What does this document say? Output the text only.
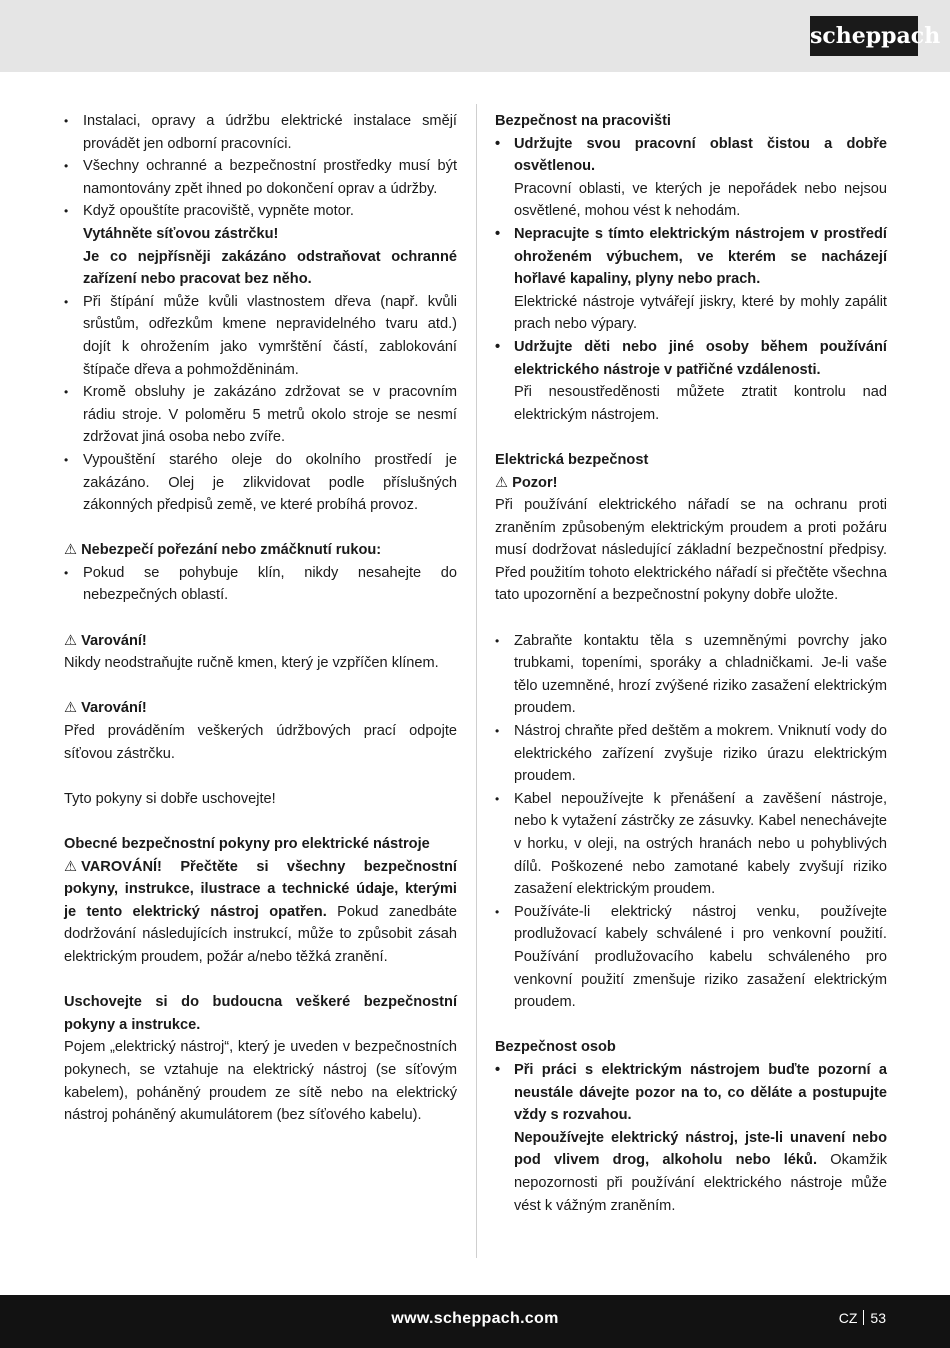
scheppach
• Instalaci, opravy a údržbu elektrické instalace smějí provádět jen odborní pracovníci.
• Všechny ochranné a bezpečnostní prostředky musí být namontovány zpět ihned po dokončení oprav a údržby.
• Když opouštíte pracoviště, vypněte motor.

Vytáhněte síťovou zástrčku!

Je co nejpřísněji zakázáno odstraňovat ochranné zařízení nebo pracovat bez něho.

• Při štípání může kvůli vlastnostem dřeva (např. kvůli srůstům, odřezkům kmene nepravidelného tvaru atd.) dojít k ohrožením jako vymrštění částí, zablokování štípače dřeva a pohmožděninám.
• Kromě obsluhy je zakázáno zdržovat se v pracovním rádiu stroje. V poloměru 5 metrů okolo stroje se nesmí zdržovat jiná osoba nebo zvíře.
• Vypouštění starého oleje do okolního prostředí je zakázáno. Olej je zlikvidovat podle příslušných zákonných předpisů země, ve které probíhá provoz.

⚠ Nebezpečí pořezání nebo zmáčknutí rukou:

• Pokud se pohybuje klín, nikdy nesahejte do nebezpečných oblastí.

⚠ Varování!

Nikdy neodstraňujte ručně kmen, který je vzpříčen klínem.

⚠ Varování!

Před prováděním veškerých údržbových prací odpojte síťovou zástrčku.

Tyto pokyny si dobře uschovejte!

Obecné bezpečnostní pokyny pro elektrické nástroje

⚠ VAROVÁNÍ! Přečtěte si všechny bezpečnostní pokyny, instrukce, ilustrace a technické údaje, kterými je tento elektrický nástroj opatřen. Pokud zanedbáte dodržování následujících instrukcí, může to způsobit zásah elektrickým proudem, požár a/nebo těžká zranění.

Uschovejte si do budoucna veškeré bezpečnostní pokyny a instrukce.

Pojem „elektrický nástroj“, který je uveden v bezpečnostních pokynech, se vztahuje na elektrický nástroj (se síťovým kabelem), poháněný proudem ze sítě nebo na elektrický nástroj poháněný akumulátorem (bez síťového kabelu).

Bezpečnost na pracovišti

• Udržujte svou pracovní oblast čistou a dobře osvětlenou.
Pracovní oblasti, ve kterých je nepořádek nebo nejsou osvětlené, mohou vést k nehodám.
• Nepracujte s tímto elektrickým nástrojem v prostředí ohroženém výbuchem, ve kterém se nacházejí hořlavé kapaliny, plyny nebo prach.
Elektrické nástroje vytvářejí jiskry, které by mohly zapálit prach nebo výpary.
• Udržujte děti nebo jiné osoby během používání elektrického nástroje v patřičné vzdálenosti.
Při nesoustředěnosti můžete ztratit kontrolu nad elektrickým nástrojem.

Elektrická bezpečnost

⚠ Pozor!

Při používání elektrického nářadí se na ochranu proti zraněním způsobeným elektrickým proudem a proti požáru musí dodržovat následující základní bezpečnostní předpisy. Před použitím tohoto elektrického nářadí si přečtěte všechna tato upozornění a bezpečnostní pokyny dobře uložte.

• Zabraňte kontaktu těla s uzemněnými povrchy jako trubkami, topeními, sporáky a chladničkami. Je-li vaše tělo uzemněné, hrozí zvýšené riziko zasažení elektrickým proudem.
• Nástroj chraňte před deštěm a mokrem. Vniknutí vody do elektrického zařízení zvyšuje riziko úrazu elektrickým proudem.
• Kabel nepoužívejte k přenášení a zavěšení nástroje, nebo k vytažení zástrčky ze zásuvky. Kabel nenechávejte v horku, v oleji, na ostrých hranách nebo u pohyblivých dílů. Poškozené nebo zamotané kabely zvyšují riziko zasažení elektrickým proudem.
• Používáte-li elektrický nástroj venku, používejte prodlužovací kabely schválené i pro venkovní použití. Používání prodlužovacího kabelu schváleného pro venkovní použití zmenšuje riziko zasažení elektrickým proudem.

Bezpečnost osob

• Při práci s elektrickým nástrojem buďte pozorní a neustále dávejte pozor na to, co děláte a postupujte vždy s rozvahou.
Nepoužívejte elektrický nástroj, jste-li unavení nebo pod vlivem drog, alkoholu nebo léků. Okamžik nepozornosti při používání elektrického nástroje může vést k vážným zraněním.
www.scheppach.com	CZ 53
